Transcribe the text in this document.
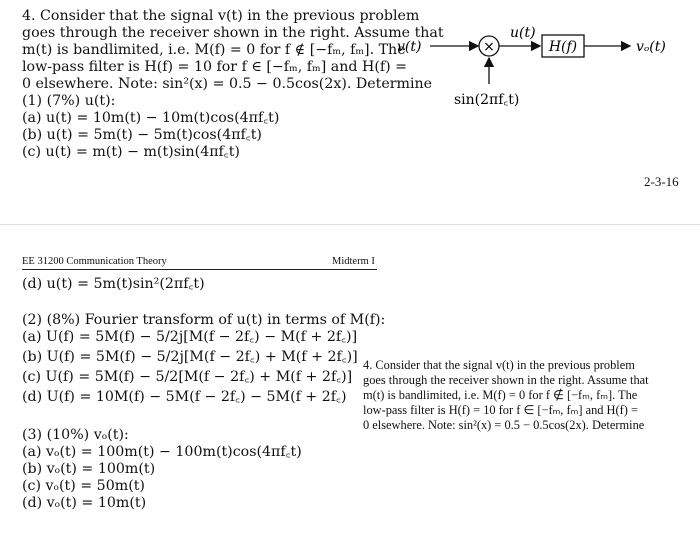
4. Consider that the signal v(t) in the previous problem
goes through the receiver shown in the right. Assume that
m(t) is bandlimited, i.e. M(f) = 0 for f ∉ [−fₘ, fₘ]. The
low-pass filter is H(f) = 10 for f ∈ [−fₘ, fₘ] and H(f) =
0 elsewhere. Note: sin²(x) = 0.5 − 0.5cos(2x). Determine
(1) (7%) u(t):
(a) u(t) = 10m(t) − 10m(t)cos(4πf꜀t)
(b) u(t) = 5m(t) − 5m(t)cos(4πf꜀t)
(c) u(t) = m(t) − m(t)sin(4πf꜀t)
×	H(f)
v(t)
u(t)
vₒ(t)
sin(2πf꜀t)
2-3-16
EE 31200 Communication Theory	Midterm I
(d) u(t) = 5m(t)sin²(2πf꜀t)
(2) (8%) Fourier transform of u(t) in terms of M(f):
(a) U(f) = 5M(f) − 5/2j[M(f − 2f꜀) − M(f + 2f꜀)]
(b) U(f) = 5M(f) − 5/2j[M(f − 2f꜀) + M(f + 2f꜀)]
(c) U(f) = 5M(f) − 5/2[M(f − 2f꜀) + M(f + 2f꜀)]
(d) U(f) = 10M(f) − 5M(f − 2f꜀) − 5M(f + 2f꜀)
(3) (10%) vₒ(t):
(a) vₒ(t) = 100m(t) − 100m(t)cos(4πf꜀t)
(b) vₒ(t) = 100m(t)
(c) vₒ(t) = 50m(t)
(d) vₒ(t) = 10m(t)
4. Consider that the signal v(t) in the previous problem
goes through the receiver shown in the right. Assume that
m(t) is bandlimited, i.e. M(f) = 0 for f ∉ [−fₘ, fₘ]. The
low-pass filter is H(f) = 10 for f ∈ [−fₘ, fₘ] and H(f) =
0 elsewhere. Note: sin²(x) = 0.5 − 0.5cos(2x). Determine
